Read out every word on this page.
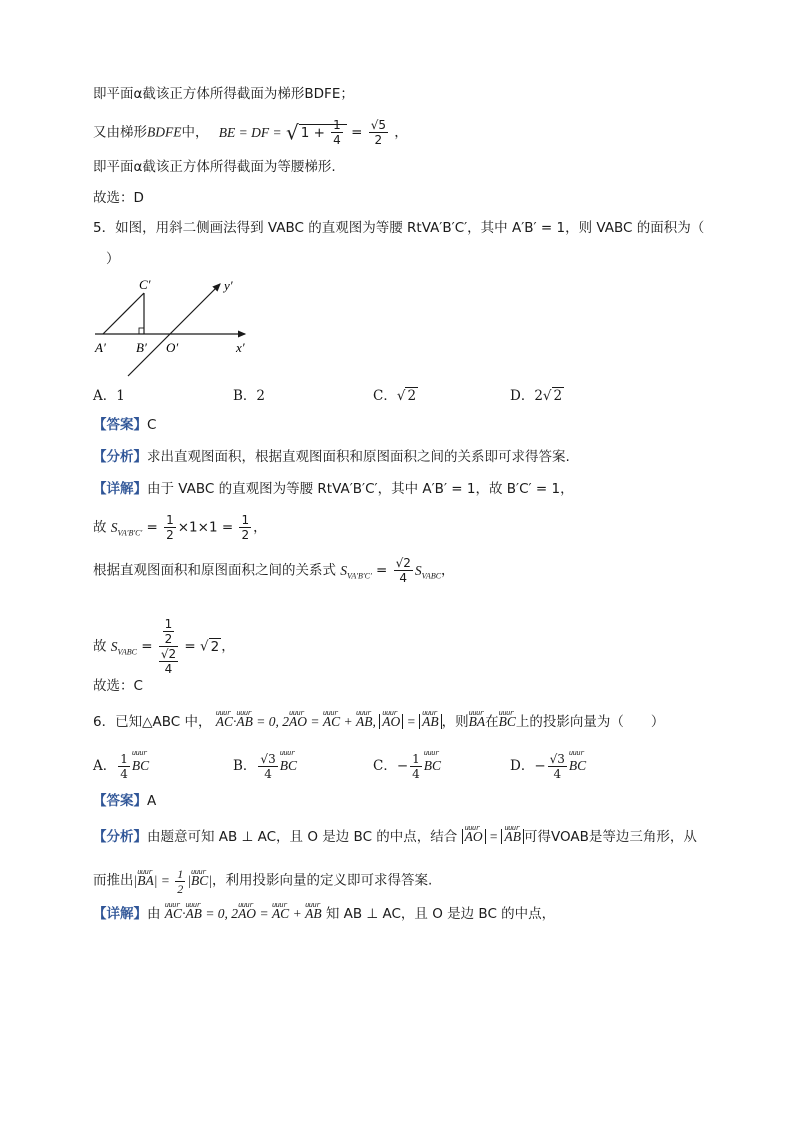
即平面α截该正方体所得截面为梯形BDFE；
又由梯形BDFE中， BE = DF = √ $1 + \frac{1}{4} = \frac{√5}{2}$ ，
即平面α截该正方体所得截面为等腰梯形.
故选：D
5．如图，用斜二侧画法得到 VABC 的直观图为等腰 RtVA′B′C′，其中 A′B′ = 1，则 VABC 的面积为（
）
C′	y′
A′ B′ O′	x′
A．1	B．2	C．√ 2	D．2√ 2
【答案】C
【分析】求出直观图面积，根据直观图面积和原图面积之间的关系即可求得答案.
【详解】由于 VABC 的直观图为等腰 RtVA′B′C′，其中 A′B′ = 1，故 B′C′ = 1，
故 $S_{VA'B'C'} = \frac{1}{2} \times 1\times 1 = \frac{1}{2}$ ，
根据直观图面积和原图面积之间的关系式 $S_{VA'B'C'} = \frac{√2}{4} S_{VABC}$，
故 $S_{VABC} = \frac{\frac{1}{2}}{\frac{√2}{4}}$ = √ 2 ，
故选：C
6．已知△ABC 中， uuur AC·uuur AB = 0, 2uuur AO = uuur AC + uuur AB, uuur AO = uuur AB ，则uuur BA在uuur BC上的投影向量为（　　）
A． $\frac{1}{4}$ uuur BC	B． $\frac{√3}{4}$ uuur BC	C．− $\frac{1}{4}$ uuur BC	D．− $\frac{√3}{4}$ uuur BC
【答案】A
【分析】由题意可知 AB ⊥ AC，且 O 是边 BC 的中点，结合 uuur AO = uuur AB 可得VOAB是等边三角形，从
而推出|uuur $BA| = \frac{1}{2}$ |uuur BC|，利用投影向量的定义即可求得答案.
【详解】由 uuur AC·uuur AB = 0, 2uuur AO = uuur AC + uuur AB 知 AB ⊥ AC，且 O 是边 BC 的中点，
